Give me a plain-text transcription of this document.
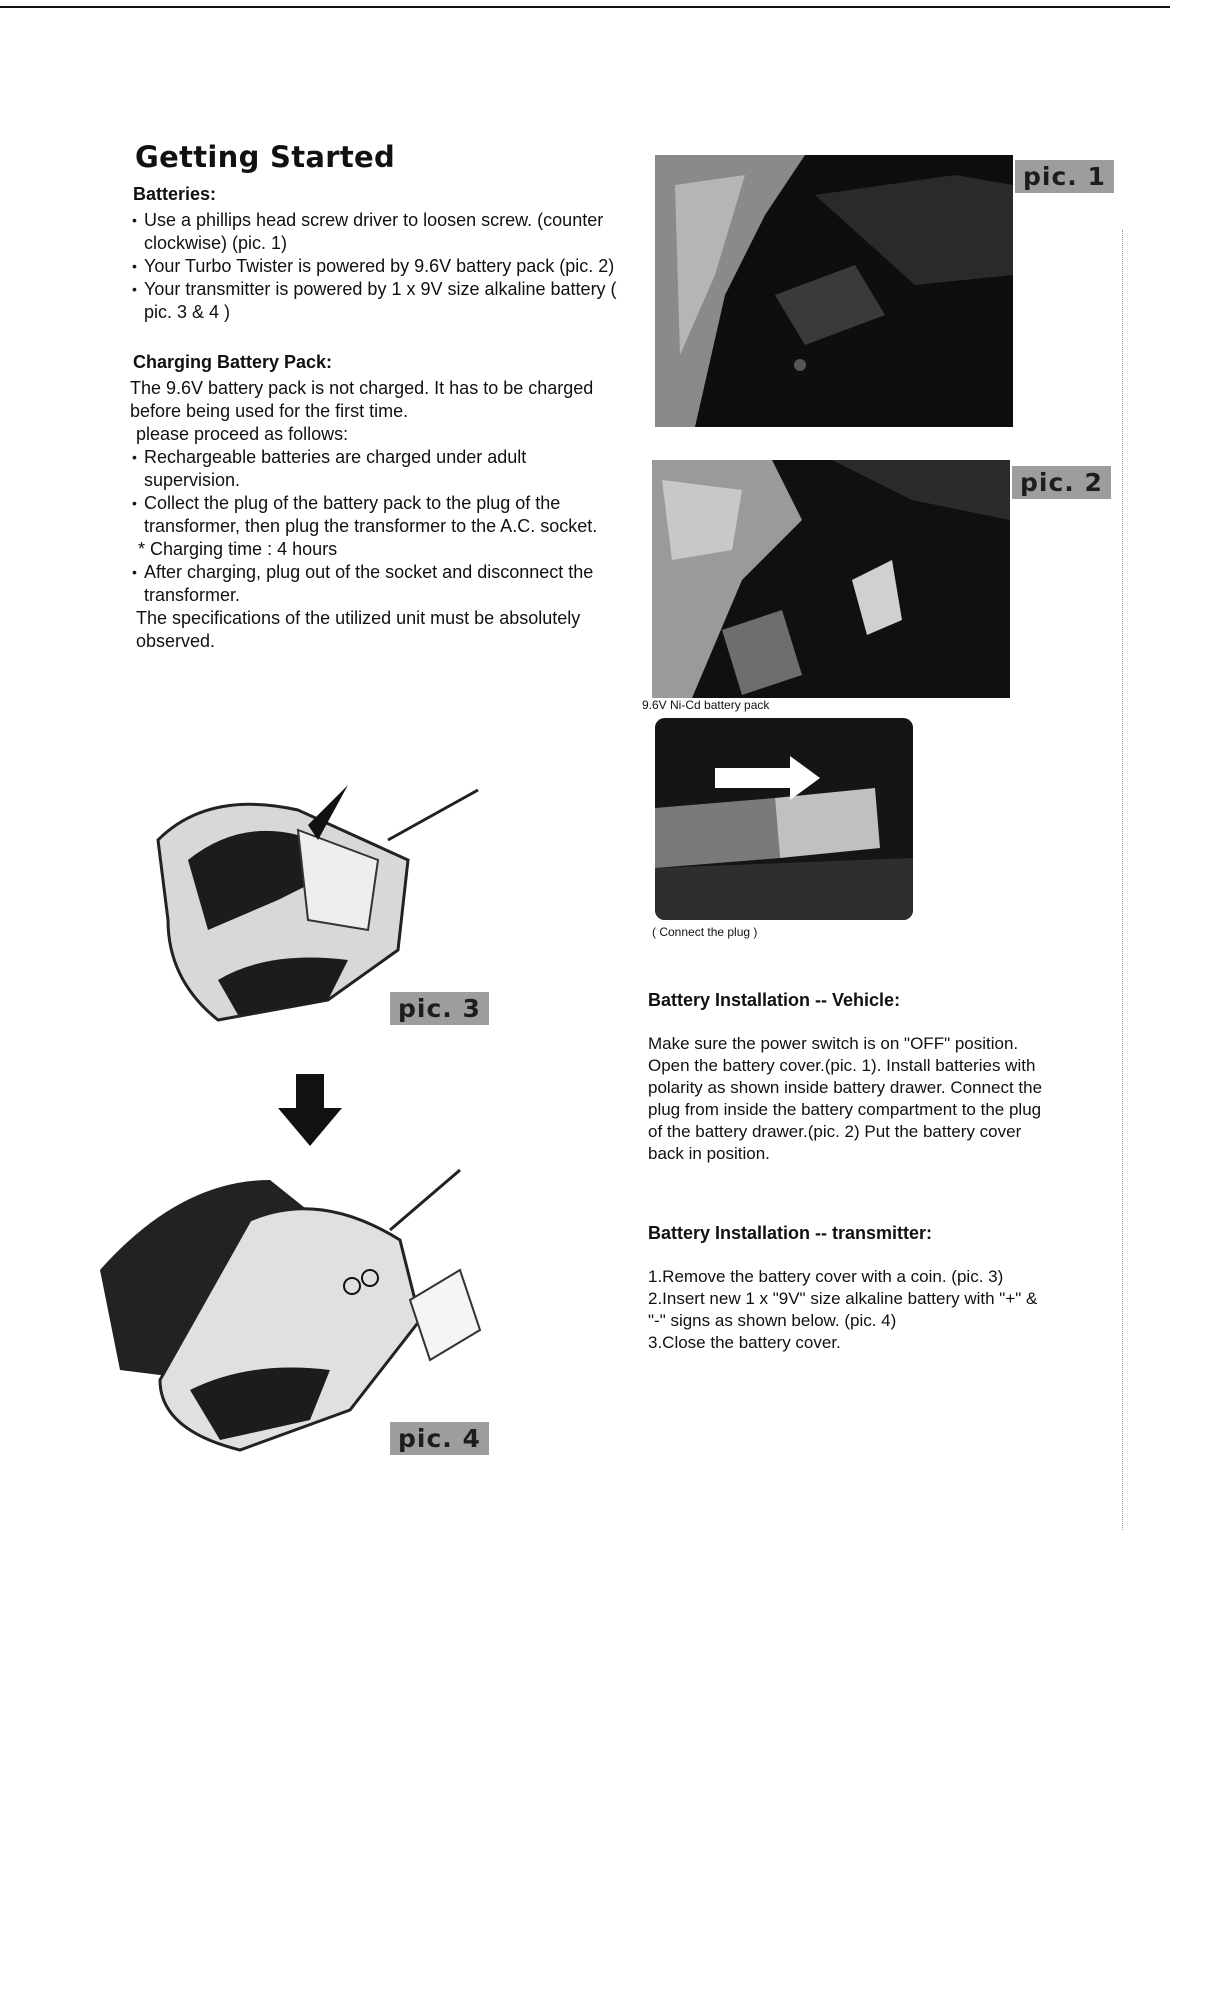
Getting Started
Batteries:
• Use a phillips head screw driver to loosen screw. (counter clockwise) (pic. 1)
• Your Turbo Twister is powered by 9.6V battery pack (pic. 2)
• Your transmitter is powered by 1 x 9V size alkaline battery ( pic. 3 & 4 )
Charging Battery Pack:

The 9.6V battery pack is not charged. It has to be charged before being used for the first time.

please proceed as follows:

• Rechargeable batteries are charged under adult supervision.
• Collect the plug of the battery pack to the plug of the transformer, then plug the transformer to the A.C. socket.
* Charging time : 4 hours
• After charging, plug out of the socket and disconnect the transformer.

The specifications of the utilized unit must be absolutely observed.

pic. 1
pic. 2
9.6V Ni-Cd battery pack
( Connect the plug )
pic. 3
pic. 4
Battery Installation -- Vehicle:

Make sure the power switch is on "OFF" position. Open the battery cover.(pic. 1). Install batteries with polarity as shown inside battery drawer. Connect the plug from inside the battery compartment to the plug of the battery drawer.(pic. 2) Put the battery cover back in position.

Battery Installation -- transmitter:
1.Remove the battery cover with a coin. (pic. 3)
2.Insert new 1 x "9V" size alkaline battery with "+" & "-" signs as shown below. (pic. 4)
3.Close the battery cover.
